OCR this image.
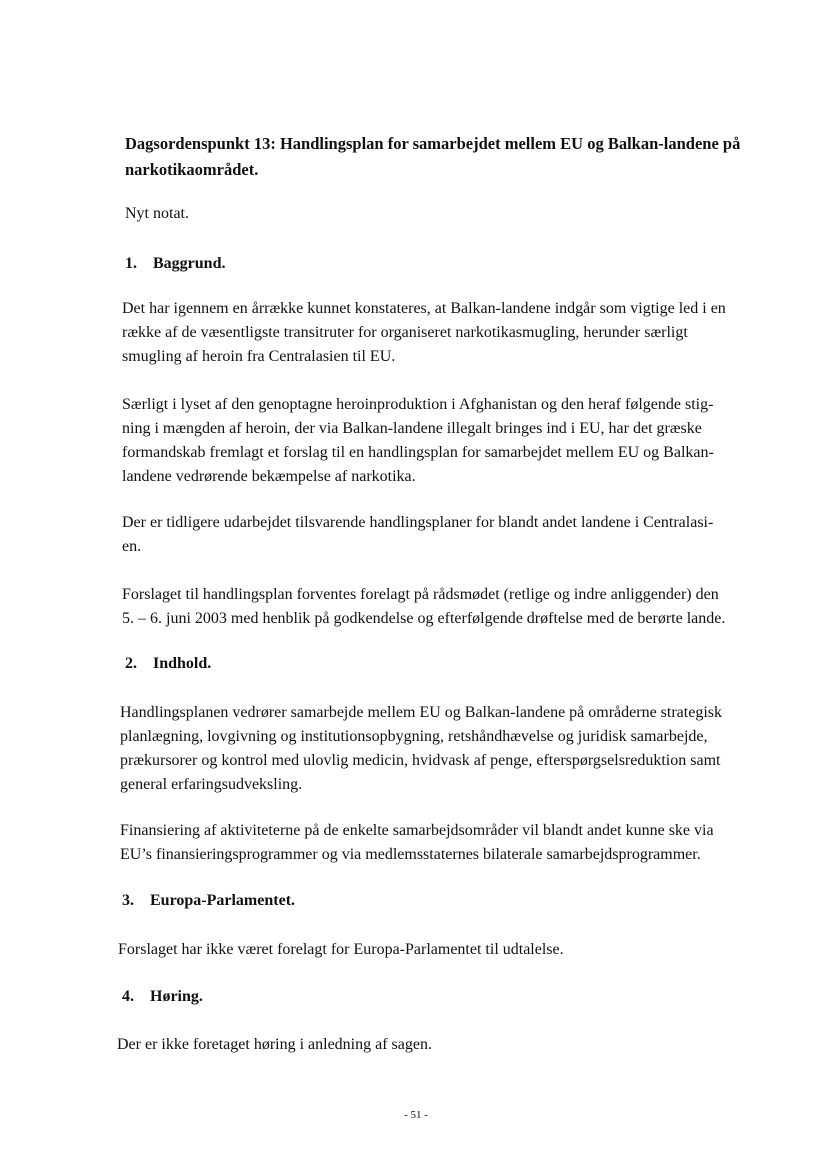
Dagsordenspunkt 13: Handlingsplan for samarbejdet mellem EU og Balkan-landene på
narkotikaområdet.

Nyt notat.

1. Baggrund.

Det har igennem en årrække kunnet konstateres, at Balkan-landene indgår som vigtige led i en
række af de væsentligste transitruter for organiseret narkotikasmugling, herunder særligt
smugling af heroin fra Centralasien til EU.

Særligt i lyset af den genoptagne heroinproduktion i Afghanistan og den heraf følgende stig-
ning i mængden af heroin, der via Balkan-landene illegalt bringes ind i EU, har det græske
formandskab fremlagt et forslag til en handlingsplan for samarbejdet mellem EU og Balkan-
landene vedrørende bekæmpelse af narkotika.

Der er tidligere udarbejdet tilsvarende handlingsplaner for blandt andet landene i Centralasi-
en.

Forslaget til handlingsplan forventes forelagt på rådsmødet (retlige og indre anliggender) den
5. – 6. juni 2003 med henblik på godkendelse og efterfølgende drøftelse med de berørte lande.

2. Indhold.

Handlingsplanen vedrører samarbejde mellem EU og Balkan-landene på områderne strategisk
planlægning, lovgivning og institutionsopbygning, retshåndhævelse og juridisk samarbejde,
prækursorer og kontrol med ulovlig medicin, hvidvask af penge, efterspørgselsreduktion samt
general erfaringsudveksling.

Finansiering af aktiviteterne på de enkelte samarbejdsområder vil blandt andet kunne ske via
EU’s finansieringsprogrammer og via medlemsstaternes bilaterale samarbejdsprogrammer.

3. Europa-Parlamentet.

Forslaget har ikke været forelagt for Europa-Parlamentet til udtalelse.

4. Høring.

Der er ikke foretaget høring i anledning af sagen.

- 51 -
